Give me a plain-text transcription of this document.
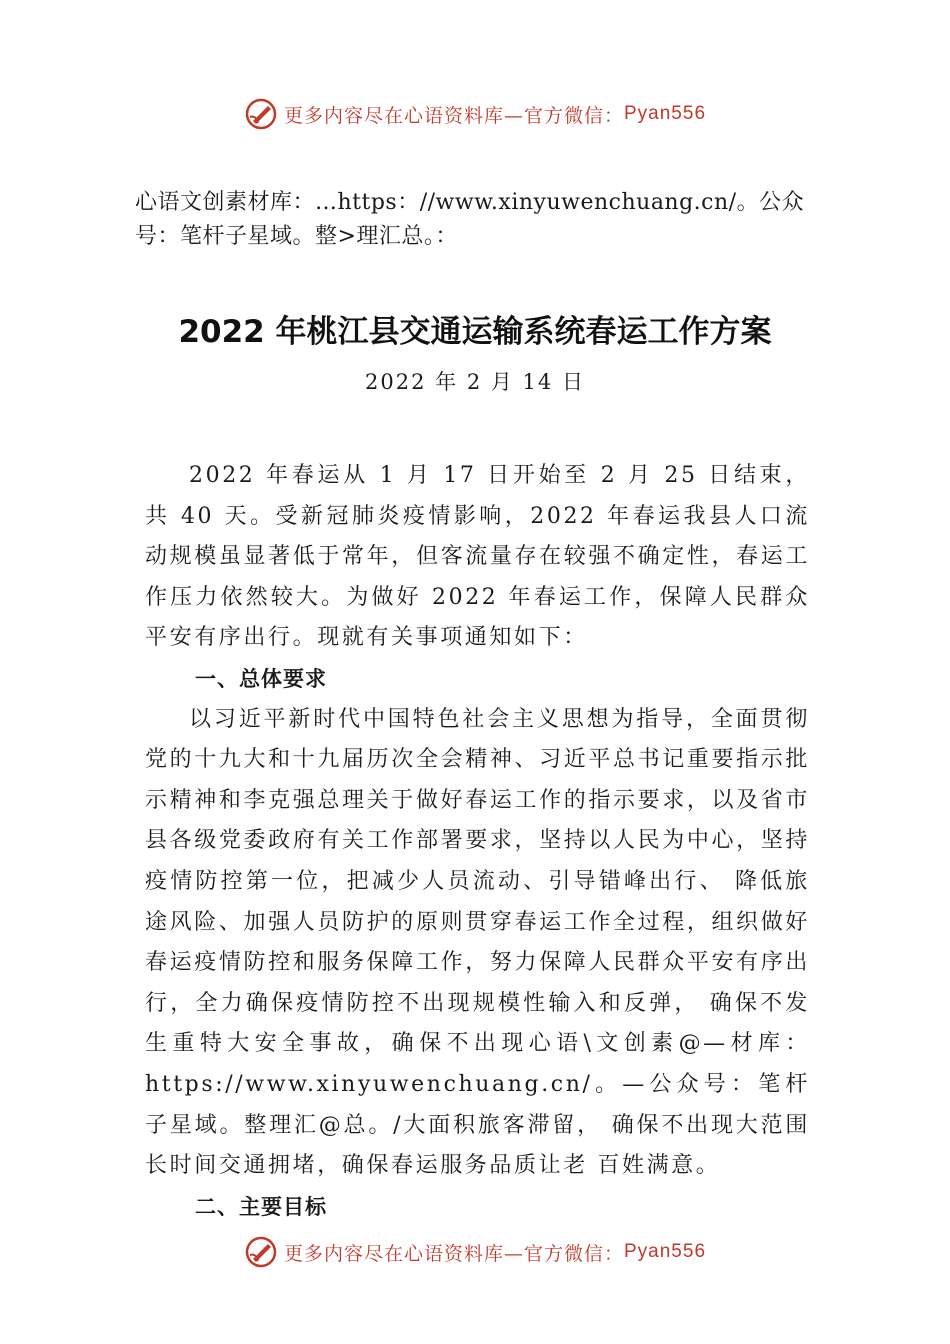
更多内容尽在心语资料库—官方微信： Pyan556
心语文创素材库：…https：//www.xinyuwenchuang.cn/。公众号：笔杆子星域。整>理汇总。：
2022 年桃江县交通运输系统春运工作方案
2022 年 2 月 14 日

2022 年春运从 1 月 17 日开始至 2 月 25 日结束，共 40 天。受新冠肺炎疫情影响，2022 年春运我县人口流动规模虽显著低于常年，但客流量存在较强不确定性，春运工作压力依然较大。为做好 2022 年春运工作，保障人民群众平安有序出行。现就有关事项通知如下：

一、总体要求

以习近平新时代中国特色社会主义思想为指导，全面贯彻党的十九大和十九届历次全会精神、习近平总书记重要指示批示精神和李克强总理关于做好春运工作的指示要求，以及省市县各级党委政府有关工作部署要求，坚持以人民为中心，坚持疫情防控第一位，把减少人员流动、引导错峰出行、 降低旅途风险、加强人员防护的原则贯穿春运工作全过程，组织做好春运疫情防控和服务保障工作，努力保障人民群众平安有序出行，全力确保疫情防控不出现规模性输入和反弹， 确保不发生重特大安全事故，确保不出现心语\文创素@—材库：https://www.xinyuwenchuang.cn/。—公众号：笔杆子星域。整理汇@总。/大面积旅客滞留， 确保不出现大范围长时间交通拥堵，确保春运服务品质让老 百姓满意。

二、主要目标
更多内容尽在心语资料库—官方微信： Pyan556
